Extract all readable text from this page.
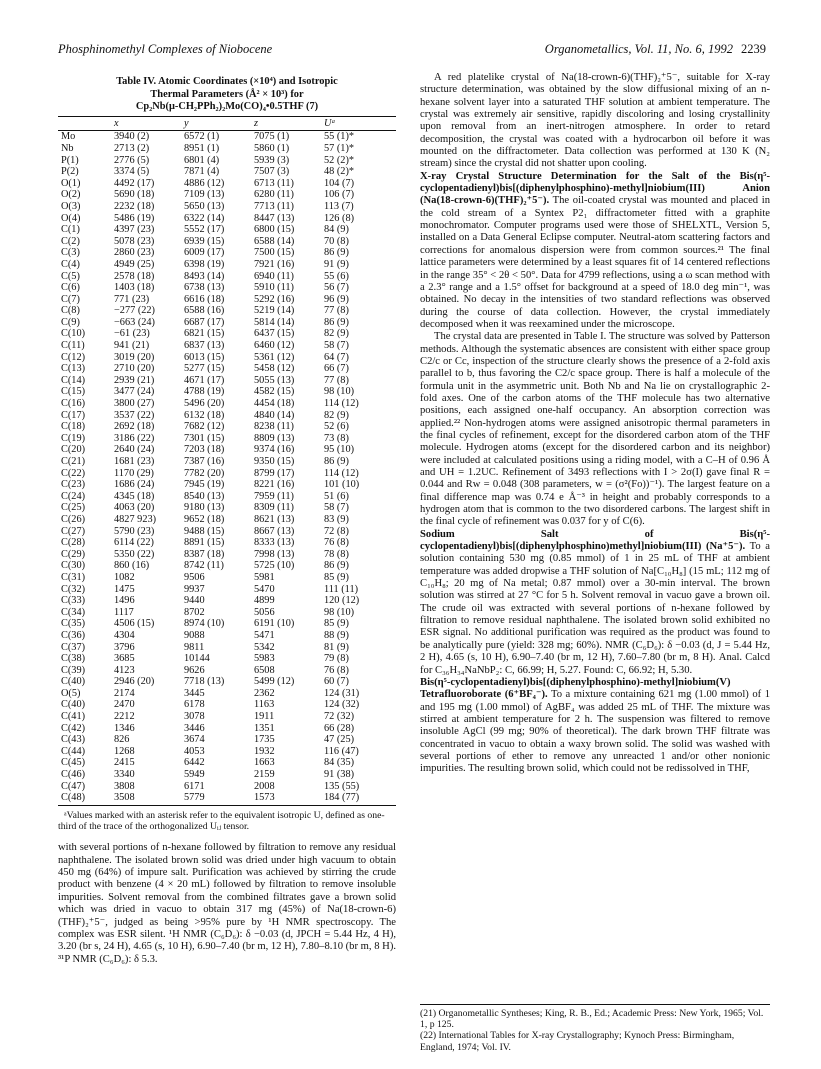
Phosphinomethyl Complexes of Niobocene	Organometallics, Vol. 11, No. 6, 1992 2239
Table IV. Atomic Coordinates (×10⁴) and Isotropic
Thermal Parameters (Å² × 10³) for
Cp₂Nb(μ-CH₂PPh₂)₂Mo(CO)₄•0.5THF (7)
	x	y	z	Uᵃ
Mo	3940 (2)	6572 (1)	7075 (1)	55 (1)*
Nb	2713 (2)	8951 (1)	5860 (1)	57 (1)*
P(1)	2776 (5)	6801 (4)	5939 (3)	52 (2)*
P(2)	3374 (5)	7871 (4)	7507 (3)	48 (2)*
O(1)	4492 (17)	4886 (12)	6713 (11)	104 (7)
O(2)	5690 (18)	7109 (13)	6280 (11)	106 (7)
O(3)	2232 (18)	5650 (13)	7713 (11)	113 (7)
O(4)	5486 (19)	6322 (14)	8447 (13)	126 (8)
C(1)	4397 (23)	5552 (17)	6800 (15)	84 (9)
C(2)	5078 (23)	6939 (15)	6588 (14)	70 (8)
C(3)	2860 (23)	6009 (17)	7500 (15)	86 (9)
C(4)	4949 (25)	6398 (19)	7921 (16)	91 (9)
C(5)	2578 (18)	8493 (14)	6940 (11)	55 (6)
C(6)	1403 (18)	6738 (13)	5910 (11)	56 (7)
C(7)	771 (23)	6616 (18)	5292 (16)	96 (9)
C(8)	−277 (22)	6588 (16)	5219 (14)	77 (8)
C(9)	−663 (24)	6687 (17)	5814 (14)	86 (9)
C(10)	−61 (23)	6821 (15)	6437 (15)	82 (9)
C(11)	941 (21)	6837 (13)	6460 (12)	58 (7)
C(12)	3019 (20)	6013 (15)	5361 (12)	64 (7)
C(13)	2710 (20)	5277 (15)	5458 (12)	66 (7)
C(14)	2939 (21)	4671 (17)	5055 (13)	77 (8)
C(15)	3477 (24)	4788 (19)	4582 (15)	98 (10)
C(16)	3800 (27)	5496 (20)	4454 (18)	114 (12)
C(17)	3537 (22)	6132 (18)	4840 (14)	82 (9)
C(18)	2692 (18)	7682 (12)	8238 (11)	52 (6)
C(19)	3186 (22)	7301 (15)	8809 (13)	73 (8)
C(20)	2640 (24)	7203 (18)	9374 (16)	95 (10)
C(21)	1681 (23)	7387 (16)	9350 (15)	86 (9)
C(22)	1170 (29)	7782 (20)	8799 (17)	114 (12)
C(23)	1686 (24)	7945 (19)	8221 (16)	101 (10)
C(24)	4345 (18)	8540 (13)	7959 (11)	51 (6)
C(25)	4063 (20)	9180 (13)	8309 (11)	58 (7)
C(26)	4827 923)	9652 (18)	8621 (13)	83 (9)
C(27)	5790 (23)	9488 (15)	8667 (13)	72 (8)
C(28)	6114 (22)	8891 (15)	8333 (13)	76 (8)
C(29)	5350 (22)	8387 (18)	7998 (13)	78 (8)
C(30)	860 (16)	8742 (11)	5725 (10)	86 (9)
C(31)	1082	9506	5981	85 (9)
C(32)	1475	9937	5470	111 (11)
C(33)	1496	9440	4899	120 (12)
C(34)	1117	8702	5056	98 (10)
C(35)	4506 (15)	8974 (10)	6191 (10)	85 (9)
C(36)	4304	9088	5471	88 (9)
C(37)	3796	9811	5342	81 (9)
C(38)	3685	10144	5983	79 (8)
C(39)	4123	9626	6508	76 (8)
C(40)	2946 (20)	7718 (13)	5499 (12)	60 (7)
O(5)	2174	3445	2362	124 (31)
C(40)	2470	6178	1163	124 (32)
C(41)	2212	3078	1911	72 (32)
C(42)	1346	3446	1351	66 (28)
C(43)	826	3674	1735	47 (25)
C(44)	1268	4053	1932	116 (47)
C(45)	2415	6442	1663	84 (35)
C(46)	3340	5949	2159	91 (38)
C(47)	3808	6171	2008	135 (55)
C(48)	3508	5779	1573	184 (77)
ᵃValues marked with an asterisk refer to the equivalent isotropic U, defined as one-third of the trace of the orthogonalized Uᵢⱼ tensor.
with several portions of n-hexane followed by filtration to remove any residual naphthalene. The isolated brown solid was dried under high vacuum to obtain 450 mg (64%) of impure salt. Purification was achieved by stirring the crude product with benzene (4 × 20 mL) followed by filtration to remove insoluble impurities. Solvent removal from the combined filtrates gave a brown solid which was dried in vacuo to obtain 317 mg (45%) of Na(18-crown-6)(THF)₂⁺5⁻, judged as being >95% pure by ¹H NMR spectroscopy. The complex was ESR silent. ¹H NMR (C₆D₆): δ −0.03 (d, JPCH = 5.44 Hz, 4 H), 3.20 (br s, 24 H), 4.65 (s, 10 H), 6.90–7.40 (br m, 12 H), 7.80–8.10 (br m, 8 H). ³¹P NMR (C₆D₆): δ 5.3.

A red platelike crystal of Na(18-crown-6)(THF)₂⁺5⁻, suitable for X-ray structure determination, was obtained by the slow diffusional mixing of an n-hexane solvent layer into a saturated THF solution at ambient temperature. The crystal was extremely air sensitive, rapidly discoloring and losing crystallinity upon removal from an inert-nitrogen atmosphere. In order to retard decomposition, the crystal was coated with a hydrocarbon oil before it was mounted on the diffractometer. Data collection was performed at 130 K (N₂ stream) since the crystal did not shatter upon cooling.

X-ray Crystal Structure Determination for the Salt of the Bis(η⁵-cyclopentadienyl)bis[(diphenylphosphino)-methyl]niobium(III) Anion (Na(18-crown-6)(THF)₂⁺5⁻). The oil-coated crystal was mounted and placed in the cold stream of a Syntex P2₁ diffractometer fitted with a graphite monochromator. Computer programs used were those of SHELXTL, Version 5, installed on a Data General Eclipse computer. Neutral-atom scattering factors and corrections for anomalous dispersion were from common sources.²¹ The final lattice parameters were determined by a least squares fit of 14 centered reflections in the range 35° < 2θ < 50°. Data for 4799 reflections, using a ω scan method with a 2.3° range and a 1.5° offset for background at a speed of 18.0 deg min⁻¹, was obtained. No decay in the intensities of two standard reflections was observed during the course of data collection. However, the crystal immediately decomposed when it was reexamined under the microscope.

The crystal data are presented in Table I. The structure was solved by Patterson methods. Although the systematic absences are consistent with either space group C2/c or Cc, inspection of the structure clearly shows the presence of a 2-fold axis parallel to b, thus favoring the C2/c space group. There is half a molecule of the formula unit in the asymmetric unit. Both Nb and Na lie on crystallographic 2-fold axes. One of the carbon atoms of the THF molecule has two alternative positions, each assigned one-half occupancy. An absorption correction was applied.²² Non-hydrogen atoms were assigned anisotropic thermal parameters in the final cycles of refinement, except for the disordered carbon atom of the THF molecule. Hydrogen atoms (except for the disordered carbon and its neighbor) were included at calculated positions using a riding model, with a C–H of 0.96 Å and UH = 1.2UC. Refinement of 3493 reflections with I > 2σ(I) gave final R = 0.044 and Rw = 0.048 (308 parameters, w = (σ²(Fo))⁻¹). The largest feature on a final difference map was 0.74 e Å⁻³ in height and probably corresponds to a hydrogen atom that is common to the two disordered carbons. The largest shift in the final cycle of refinement was 0.037 for y of C(6).

Sodium Salt of Bis(η⁵-cyclopentadienyl)bis[(diphenylphosphino)methyl]niobium(III) (Na⁺5⁻). To a solution containing 530 mg (0.85 mmol) of 1 in 25 mL of THF at ambient temperature was added dropwise a THF solution of Na[C₁₀H₈] (15 mL; 112 mg of C₁₀H₈; 20 mg of Na metal; 0.87 mmol) over a 30-min interval. The brown solution was stirred at 27 °C for 5 h. Solvent removal in vacuo gave a brown oil. The crude oil was extracted with several portions of n-hexane followed by filtration to remove residual naphthalene. The isolated brown solid exhibited no ESR signal. No additional purification was required as the product was found to be analytically pure (yield: 328 mg; 60%). NMR (C₆D₆): δ −0.03 (d, J = 5.44 Hz, 2 H), 4.65 (s, 10 H), 6.90–7.40 (br m, 12 H), 7.60–7.80 (br m, 8 H). Anal. Calcd for C₃₆H₃₄NaNbP₂: C, 66.99; H, 5.27. Found: C, 66.92; H, 5.30.

Bis(η⁵-cyclopentadienyl)bis[(diphenylphosphino)-methyl]niobium(V) Tetrafluoroborate (6⁺BF₄⁻). To a mixture containing 621 mg (1.00 mmol) of 1 and 195 mg (1.00 mmol) of AgBF₄ was added 25 mL of THF. The mixture was stirred at ambient temperature for 2 h. The suspension was filtered to remove insoluble AgCl (99 mg; 90% of theoretical). The dark brown THF filtrate was concentrated in vacuo to obtain a waxy brown solid. The solid was washed with several portions of ether to remove any unreacted 1 and/or other nonionic impurities. The resulting brown solid, which could not be redissolved in THF,

(21) Organometallic Syntheses; King, R. B., Ed.; Academic Press: New York, 1965; Vol. 1, p 125.
(22) International Tables for X-ray Crystallography; Kynoch Press: Birmingham, England, 1974; Vol. IV.
